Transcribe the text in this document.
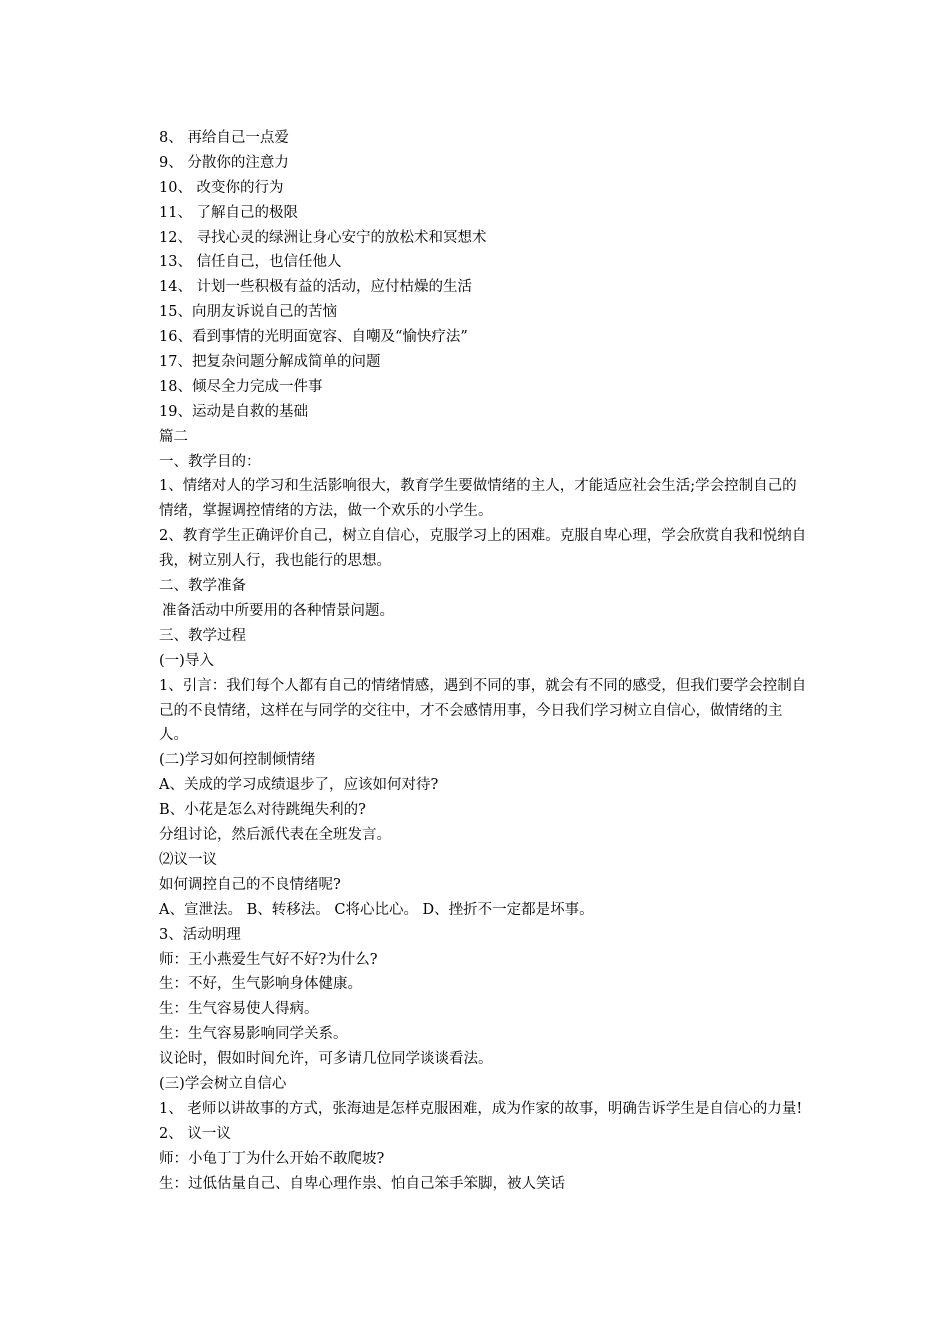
8、 再给自己一点爱
9、 分散你的注意力
10、 改变你的行为
11、 了解自己的极限
12、 寻找心灵的绿洲让身心安宁的放松术和冥想术
13、 信任自己，也信任他人
14、 计划一些积极有益的活动，应付枯燥的生活
15、向朋友诉说自己的苦恼
16、看到事情的光明面宽容、自嘲及“愉快疗法”
17、把复杂问题分解成简单的问题
18、倾尽全力完成一件事
19、运动是自救的基础
篇二
一、教学目的：
1、情绪对人的学习和生活影响很大，教育学生要做情绪的主人，才能适应社会生活;学会控制自己的情绪，掌握调控情绪的方法，做一个欢乐的小学生。
2、教育学生正确评价自己，树立自信心，克服学习上的困难。克服自卑心理，学会欣赏自我和悦纳自我，树立别人行，我也能行的思想。
二、教学准备
准备活动中所要用的各种情景问题。
三、教学过程
(一)导入
1、引言：我们每个人都有自己的情绪情感，遇到不同的事，就会有不同的感受，但我们要学会控制自己的不良情绪，这样在与同学的交往中，才不会感情用事，今日我们学习树立自信心，做情绪的主人。
(二)学习如何控制倾情绪
A、关成的学习成绩退步了，应该如何对待?
B、小花是怎么对待跳绳失利的?
分组讨论，然后派代表在全班发言。
⑵议一议
如何调控自己的不良情绪呢?
A、宣泄法。 B、转移法。 C将心比心。 D、挫折不一定都是坏事。
3、活动明理
师：王小燕爱生气好不好?为什么?
生：不好，生气影响身体健康。
生：生气容易使人得病。
生：生气容易影响同学关系。
议论时，假如时间允许，可多请几位同学谈谈看法。
(三)学会树立自信心
1、 老师以讲故事的方式，张海迪是怎样克服困难，成为作家的故事，明确告诉学生是自信心的力量!
2、 议一议
师：小龟丁丁为什么开始不敢爬坡?
生：过低估量自己、自卑心理作祟、怕自己笨手笨脚，被人笑话
